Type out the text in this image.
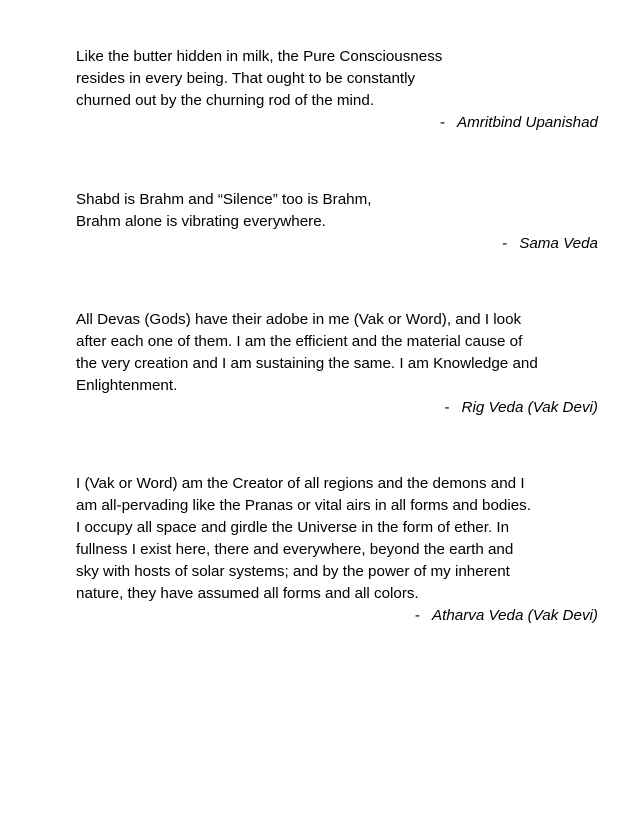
Like the butter hidden in milk, the Pure Consciousness
resides in every being. That ought to be constantly
churned out by the churning rod of the mind.
- Amritbind Upanishad
Shabd is Brahm and “Silence” too is Brahm,
Brahm alone is vibrating everywhere.
- Sama Veda
All Devas (Gods) have their adobe in me (Vak or Word), and I look
after each one of them. I am the efficient and the material cause of
the very creation and I am sustaining the same. I am Knowledge and
Enlightenment.
- Rig Veda (Vak Devi)
I (Vak or Word) am the Creator of all regions and the demons and I
am all-pervading like the Pranas or vital airs in all forms and bodies.
I occupy all space and girdle the Universe in the form of ether. In
fullness I exist here, there and everywhere, beyond the earth and
sky with hosts of solar systems; and by the power of my inherent
nature, they have assumed all forms and all colors.
- Atharva Veda (Vak Devi)
